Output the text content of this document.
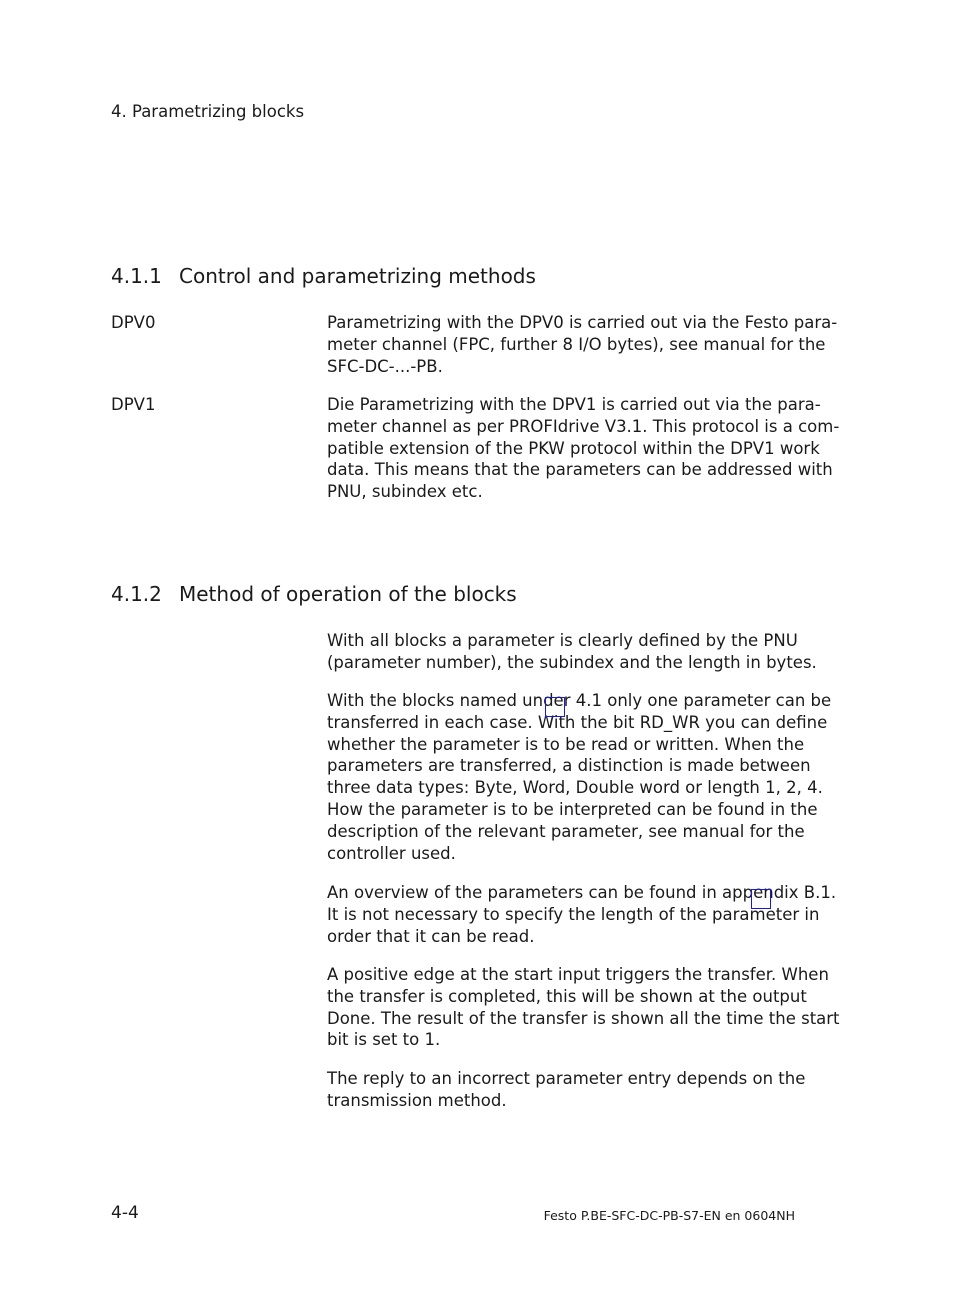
4. Parametrizing blocks
4.1.1 Control and parametrizing methods
DPV0	Parametrizing with the DPV0 is carried out via the Festo para-
meter channel (FPC, further 8 I/O bytes), see manual for the
SFC-DC-...-PB.
DPV1	Die Parametrizing with the DPV1 is carried out via the para-
meter channel as per PROFIdrive V3.1. This protocol is a com-
patible extension of the PKW protocol within the DPV1 work
data. This means that the parameters can be addressed with
PNU, subindex etc.
4.1.2 Method of operation of the blocks
With all blocks a parameter is clearly defined by the PNU
(parameter number), the subindex and the length in bytes.
With the blocks named under 4.1 only one parameter can be
transferred in each case. With the bit RD_WR you can define
whether the parameter is to be read or written. When the
parameters are transferred, a distinction is made between
three data types: Byte, Word, Double word or length 1, 2, 4.
How the parameter is to be interpreted can be found in the
description of the relevant parameter, see manual for the
controller used.
An overview of the parameters can be found in appendix B.1.
It is not necessary to specify the length of the parameter in
order that it can be read.
A positive edge at the start input triggers the transfer. When
the transfer is completed, this will be shown at the output
Done. The result of the transfer is shown all the time the start
bit is set to 1.
The reply to an incorrect parameter entry depends on the
transmission method.
4-4	Festo P.BE-SFC-DC-PB-S7-EN en 0604NH
